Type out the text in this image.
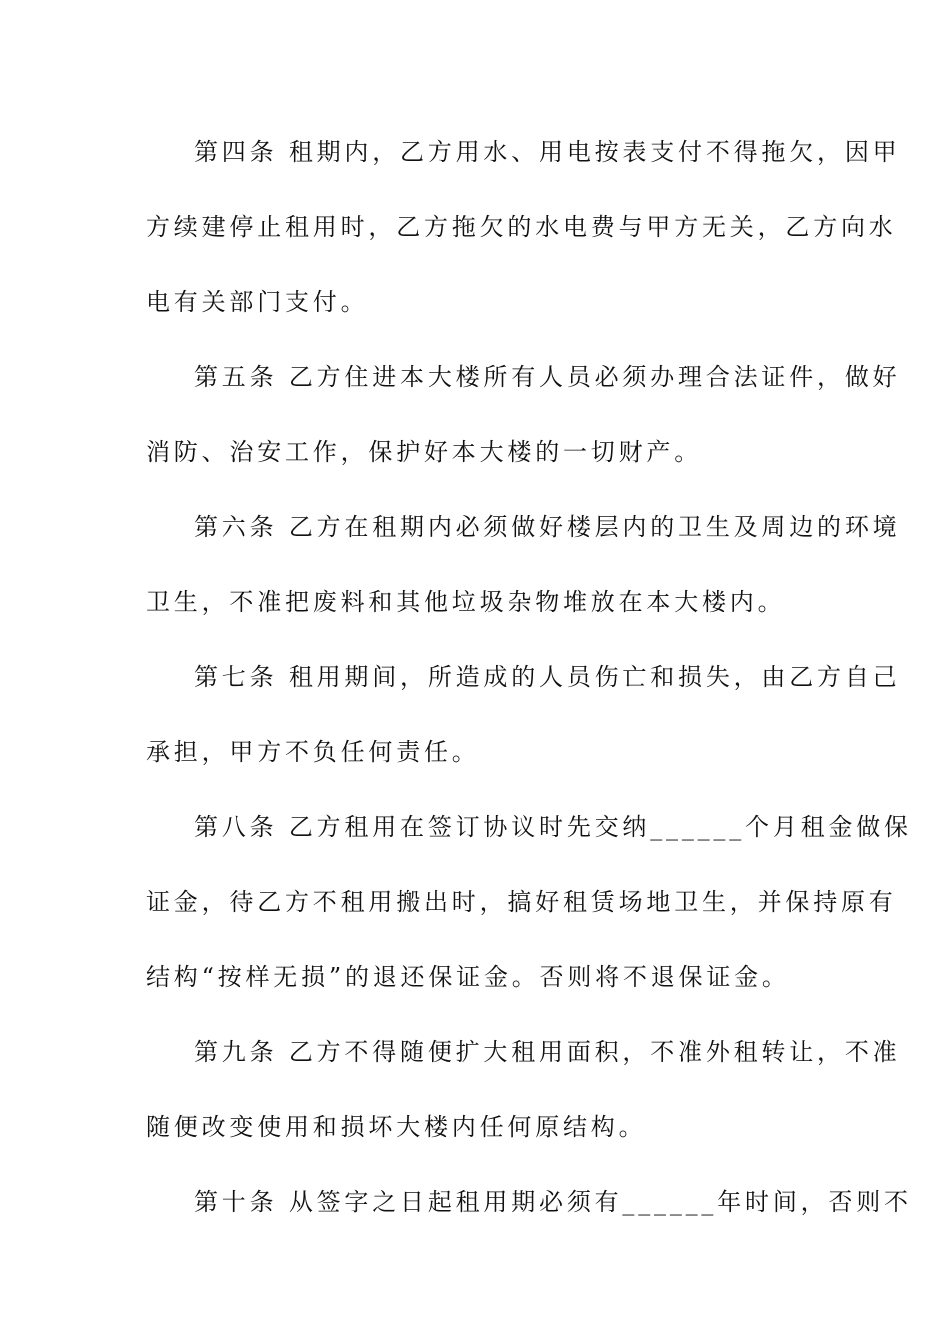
第四条 租期内，乙方用水、用电按表支付不得拖欠，因甲
方续建停止租用时，乙方拖欠的水电费与甲方无关，乙方向水
电有关部门支付。
第五条 乙方住进本大楼所有人员必须办理合法证件，做好
消防、治安工作，保护好本大楼的一切财产。
第六条 乙方在租期内必须做好楼层内的卫生及周边的环境
卫生，不准把废料和其他垃圾杂物堆放在本大楼内。
第七条 租用期间，所造成的人员伤亡和损失，由乙方自己
承担，甲方不负任何责任。
第八条 乙方租用在签订协议时先交纳______个月租金做保
证金，待乙方不租用搬出时，搞好租赁场地卫生，并保持原有
结构“按样无损”的退还保证金。否则将不退保证金。
第九条 乙方不得随便扩大租用面积，不准外租转让，不准
随便改变使用和损坏大楼内任何原结构。
第十条 从签字之日起租用期必须有______年时间，否则不
